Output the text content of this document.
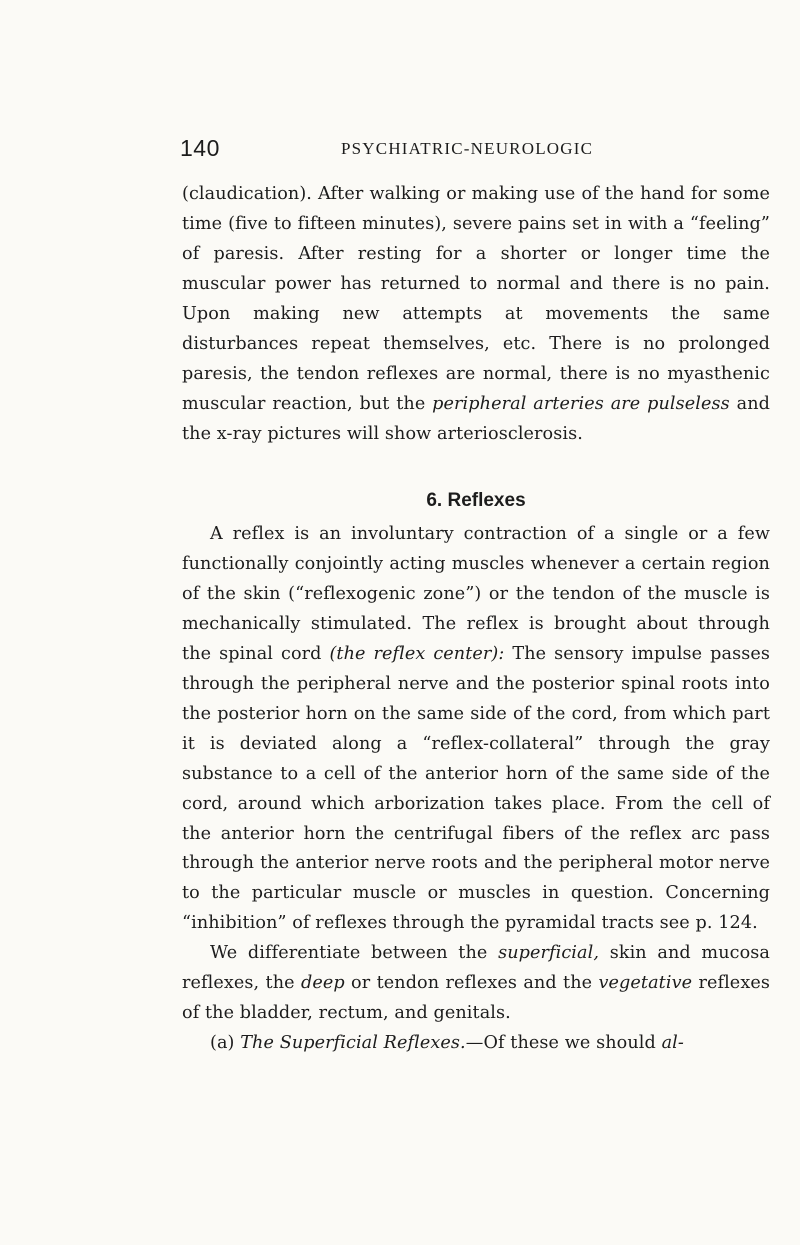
140	PSYCHIATRIC-NEUROLOGIC

(claudication). After walking or making use of the hand for some time (five to fifteen minutes), severe pains set in with a “feeling” of paresis. After resting for a shorter or longer time the muscular power has returned to normal and there is no pain. Upon making new attempts at movements the same disturbances repeat themselves, etc. There is no prolonged paresis, the tendon reflexes are normal, there is no myasthenic muscular reaction, but the peripheral arteries are pulseless and the x-ray pictures will show arteriosclerosis.

6. Reflexes

A reflex is an involuntary contraction of a single or a few functionally conjointly acting muscles whenever a certain region of the skin (“reflexogenic zone”) or the tendon of the muscle is mechanically stimulated. The reflex is brought about through the spinal cord (the reflex center): The sensory impulse passes through the peripheral nerve and the posterior spinal roots into the posterior horn on the same side of the cord, from which part it is deviated along a “reflex-collateral” through the gray substance to a cell of the anterior horn of the same side of the cord, around which arborization takes place. From the cell of the anterior horn the centrifugal fibers of the reflex arc pass through the anterior nerve roots and the peripheral motor nerve to the particular muscle or muscles in question. Concerning “inhibition” of reflexes through the pyramidal tracts see p. 124.

We differentiate between the superficial, skin and mucosa reflexes, the deep or tendon reflexes and the vegetative reflexes of the bladder, rectum, and genitals.

(a) The Superficial Reflexes.—Of these we should al-
